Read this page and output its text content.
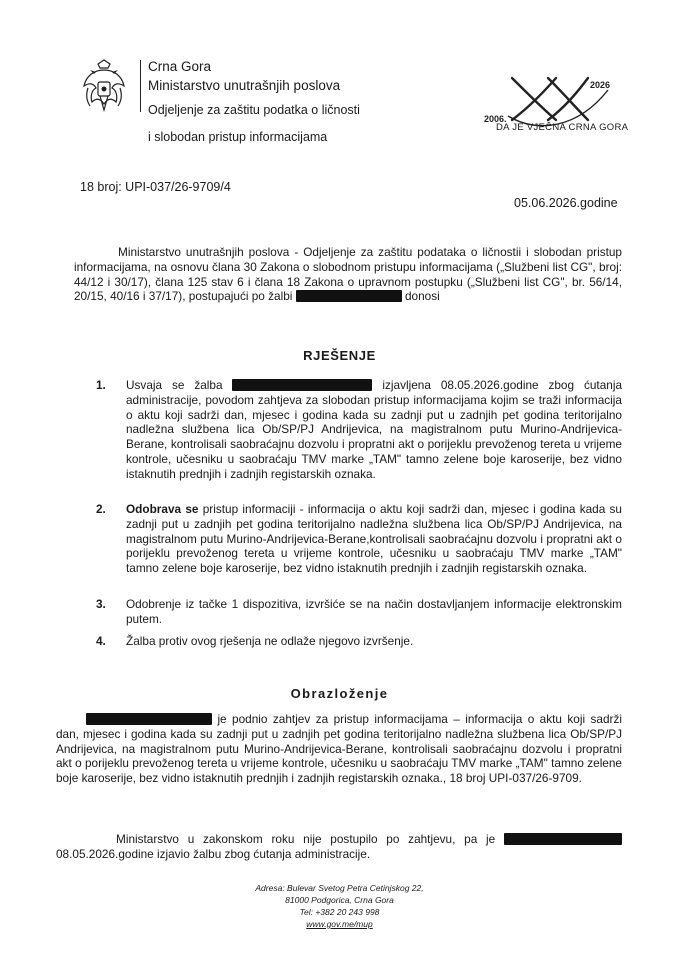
Crna Gora
Ministarstvo unutrašnjih poslova
Odjeljenje za zaštitu podatka o ličnosti
i slobodan pristup informacijama
2006.
2026
DA JE VJEČNA CRNA GORA
18 broj: UPI-037/26-9709/4
05.06.2026.godine
Ministarstvo unutrašnjih poslova - Odjeljenje za zaštitu podataka o ličnostii i slobodan pristup informacijama, na osnovu člana 30 Zakona o slobodnom pristupu informacijama („Službeni list CG", broj: 44/12 i 30/17), člana 125 stav 6 i člana 18 Zakona o upravnom postupku („Službeni list CG", br. 56/14, 20/15, 40/16 i 37/17), postupajući po žalbi	donosi
RJEŠENJE
1. Usvaja se žalba	izjavljena 08.05.2026.godine zbog ćutanja administracije, povodom zahtjeva za slobodan pristup informacijama kojim se traži informacija o aktu koji sadrži dan, mjesec i godina kada su zadnji put u zadnjih pet godina teritorijalno nadležna službena lica Ob/SP/PJ Andrijevica, na magistralnom putu Murino-Andrijevica-Berane, kontrolisali saobraćajnu dozvolu i propratni akt o porijeklu prevoženog tereta u vrijeme kontrole, učesniku u saobraćaju TMV marke „TAM" tamno zelene boje karoserije, bez vidno istaknutih prednjih i zadnjih registarskih oznaka.
2. Odobrava se pristup informaciji - informacija o aktu koji sadrži dan, mjesec i godina kada su zadnji put u zadnjih pet godina teritorijalno nadležna službena lica Ob/SP/PJ Andrijevica, na magistralnom putu Murino-Andrijevica-Berane,kontrolisali saobraćajnu dozvolu i propratni akt o porijeklu prevoženog tereta u vrijeme kontrole, učesniku u saobraćaju TMV marke „TAM" tamno zelene boje karoserije, bez vidno istaknutih prednjih i zadnjih registarskih oznaka.
3. Odobrenje iz tačke 1 dispozitiva, izvršiće se na način dostavljanjem informacije elektronskim putem.
4. Žalba protiv ovog rješenja ne odlaže njegovo izvršenje.
Obrazloženje
je podnio zahtjev za pristup informacijama – informacija o aktu koji sadrži dan, mjesec i godina kada su zadnji put u zadnjih pet godina teritorijalno nadležna službena lica Ob/SP/PJ Andrijevica, na magistralnom putu Murino-Andrijevica-Berane, kontrolisali saobraćajnu dozvolu i propratni akt o porijeklu prevoženog tereta u vrijeme kontrole, učesniku u saobraćaju TMV marke „TAM" tamno zelene boje karoserije, bez vidno istaknutih prednjih i zadnjih registarskih oznaka., 18 broj UPI-037/26-9709.
Ministarstvo u zakonskom roku nije postupilo po zahtjevu, pa je  08.05.2026.godine izjavio žalbu zbog ćutanja administracije.
Adresa: Bulevar Svetog Petra Cetinjskog 22,
81000 Podgorica, Crna Gora
Tel: +382 20 243 998
www.gov.me/mup
